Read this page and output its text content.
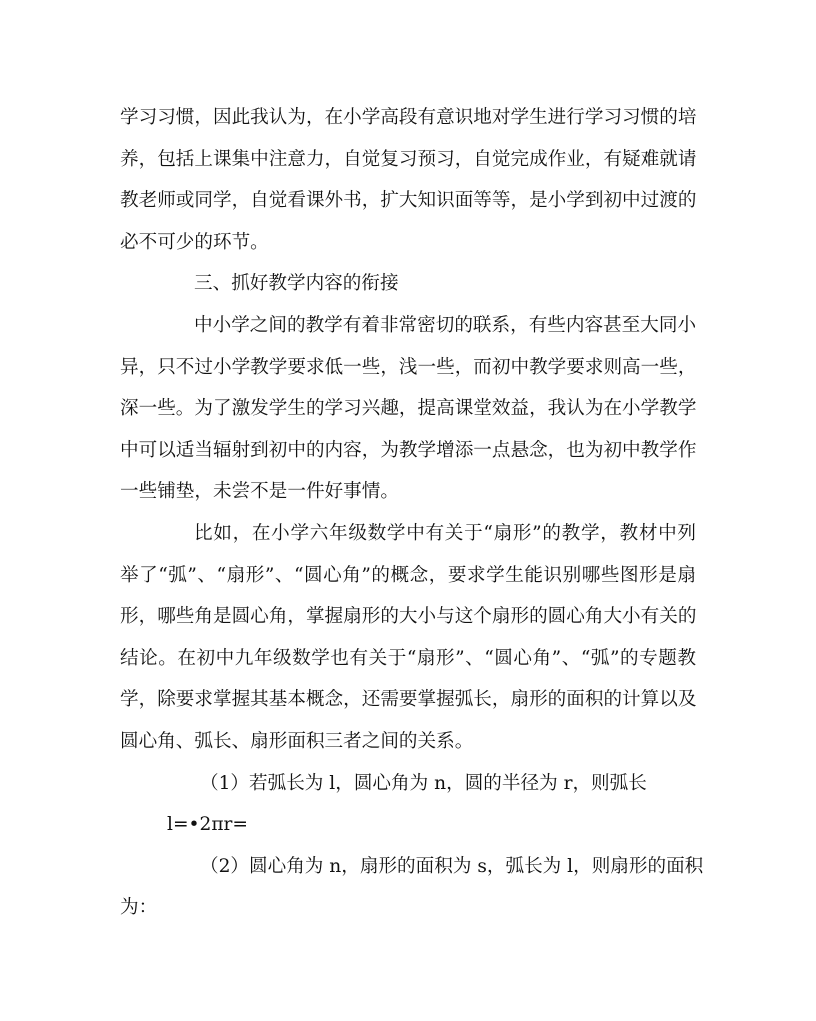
学习习惯，因此我认为，在小学高段有意识地对学生进行学习习惯的培
养，包括上课集中注意力，自觉复习预习，自觉完成作业，有疑难就请
教老师或同学，自觉看课外书，扩大知识面等等，是小学到初中过渡的
必不可少的环节。
三、抓好教学内容的衔接
中小学之间的教学有着非常密切的联系，有些内容甚至大同小
异，只不过小学教学要求低一些，浅一些，而初中教学要求则高一些，
深一些。为了激发学生的学习兴趣，提高课堂效益，我认为在小学教学
中可以适当辐射到初中的内容，为教学增添一点悬念，也为初中教学作
一些铺垫，未尝不是一件好事情。
比如，在小学六年级数学中有关于“扇形”的教学，教材中列
举了“弧”、“扇形”、“圆心角”的概念，要求学生能识别哪些图形是扇
形，哪些角是圆心角，掌握扇形的大小与这个扇形的圆心角大小有关的
结论。在初中九年级数学也有关于“扇形”、“圆心角”、“弧”的专题教
学，除要求掌握其基本概念，还需要掌握弧长，扇形的面积的计算以及
圆心角、弧长、扇形面积三者之间的关系。
（1）若弧长为 l，圆心角为 n，圆的半径为 r，则弧长
l=•2πr=
（2）圆心角为 n，扇形的面积为 s，弧长为 l，则扇形的面积
为：
